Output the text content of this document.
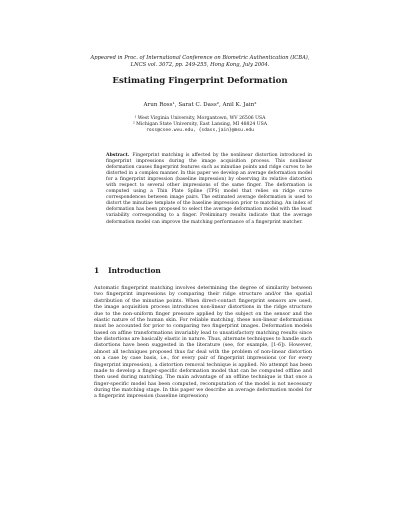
Appeared in Proc. of International Conference on Biometric Authentication (ICBA),
LNCS vol. 3072, pp. 249-255, Hong Kong, July 2004.
Estimating Fingerprint Deformation
Arun Ross¹, Sarat C. Dass², Anil K. Jain²
¹ West Virginia University, Morgantown, WV 26506 USA
² Michigan State University, East Lansing, MI 48824 USA
ross@csee.wvu.edu, {sdass,jain}@msu.edu
Abstract. Fingerprint matching is affected by the nonlinear distortion introduced in fingerprint impressions during the image acquisition process. This nonlinear deformation causes fingerprint features such as minutiae points and ridge curves to be distorted in a complex manner. In this paper we develop an average deformation model for a fingerprint impression (baseline impression) by observing its relative distortion with respect to several other impressions of the same finger. The deformation is computed using a Thin Plate Spline (TPS) model that relies on ridge curve correspondences between image pairs. The estimated average deformation is used to distort the minutiae template of the baseline impression prior to matching. An index of deformation has been proposed to select the average deformation model with the least variability corresponding to a finger. Preliminary results indicate that the average deformation model can improve the matching performance of a fingerprint matcher.
1 Introduction
Automatic fingerprint matching involves determining the degree of similarity between two fingerprint impressions by comparing their ridge structure and/or the spatial distribution of the minutiae points. When direct-contact fingerprint sensors are used, the image acquisition process introduces non-linear distortions in the ridge structure due to the non-uniform finger pressure applied by the subject on the sensor and the elastic nature of the human skin. For reliable matching, these non-linear deformations must be accounted for prior to comparing two fingerprint images. Deformation models based on affine transformations invariably lead to unsatisfactory matching results since the distortions are basically elastic in nature. Thus, alternate techniques to handle such distortions have been suggested in the literature (see, for example, [1-6]). However, almost all techniques proposed thus far deal with the problem of non-linear distortion on a case by case basis, i.e., for every pair of fingerprint impressions (or for every fingerprint impression), a distortion removal technique is applied. No attempt has been made to develop a finger-specific deformation model that can be computed offline and then used during matching. The main advantage of an offline technique is that once a finger-specific model has been computed, recomputation of the model is not necessary during the matching stage. In this paper we describe an average deformation model for a fingerprint impression (baseline impression)
